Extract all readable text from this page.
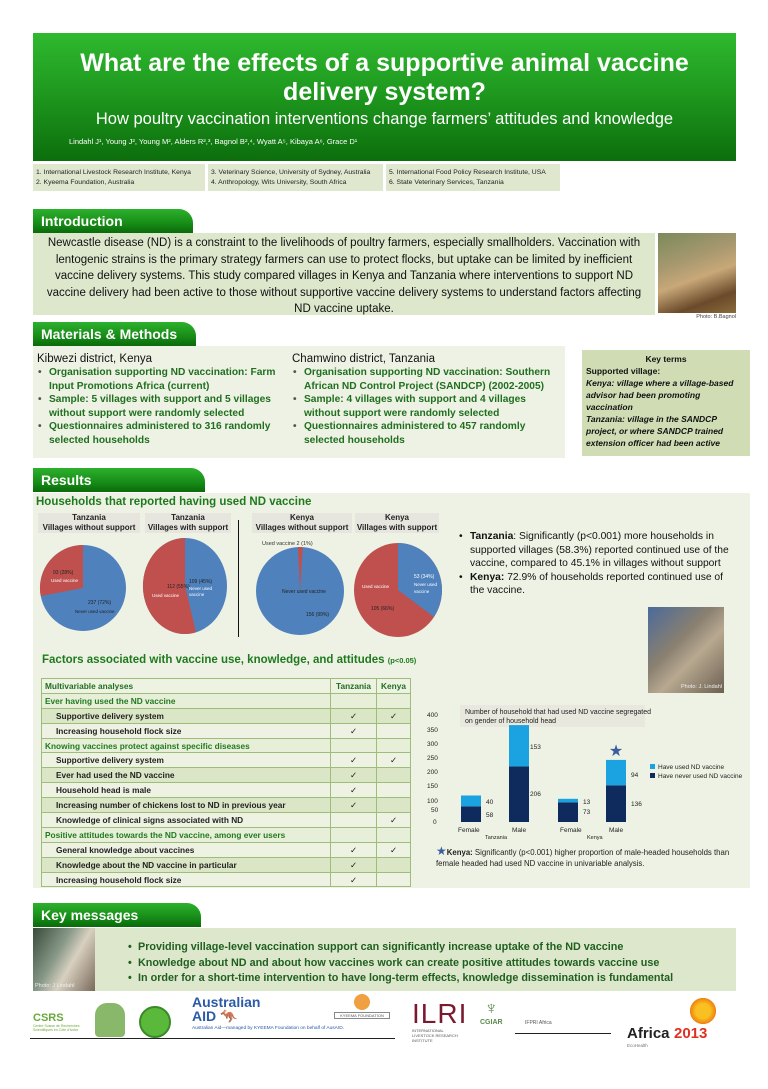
What are the effects of a supportive animal vaccine delivery system?
How poultry vaccination interventions change farmers’ attitudes and knowledge
Lindahl J¹, Young J², Young M², Alders R²,³, Bagnol B²,⁴, Wyatt A⁵, Kibaya A⁶, Grace D¹
1. International Livestock Research Institute, Kenya
2. Kyeema Foundation, Australia
3. Veterinary Science, University of Sydney, Australia
4. Anthropology, Wits University, South Africa
5. International Food Policy Research Institute, USA
6. State Veterinary Services, Tanzania
Introduction
Newcastle disease (ND) is a constraint to the livelihoods of poultry farmers, especially smallholders. Vaccination with lentogenic strains is the primary strategy farmers can use to protect flocks, but uptake can be limited by inefficient vaccine delivery systems. This study compared villages in Kenya and Tanzania where interventions to support ND vaccine delivery had been active to those without supportive vaccine delivery systems to understand factors affecting ND vaccine uptake.
Photo: B.Bagnol
Materials & Methods
Kibwezi district, Kenya
• Organisation supporting ND vaccination: Farm Input Promotions Africa (current)
• Sample: 5 villages with support and 5 villages without support were randomly selected
• Questionnaires administered to 316 randomly selected households
Chamwino district, Tanzania
• Organisation supporting ND vaccination: Southern African ND Control Project (SANDCP) (2002-2005)
• Sample: 4 villages with support and 4 villages without support were randomly selected
• Questionnaires administered to 457 randomly selected households
Key terms
Supported village:
Kenya: village where a village-based advisor had been promoting vaccination
Tanzania: village in the SANDCP project, or where SANDCP trained extension officer had been active
Results
Households that reported having used ND vaccine
Tanzania
Villages without support
Tanzania
Villages with support
Kenya
Villages without support
Kenya
Villages with support
93 (28%)
Used vaccine
237 (72%)
Never used vaccine
112 (55%)
Used vaccine
109 (45%)
Never used
vaccine	Never used vaccine
156 (99%)
Used vaccine 2 (1%)
Used vaccine
105 (66%)
53 (34%)
Never used
vaccine
• Tanzania: Significantly (p<0.001) more households in supported villages (58.3%) reported continued use of the vaccine, compared to 45.1% in villages without support
• Kenya: 72.9% of households reported continued use of the vaccine.
Photo: J. Lindahl
Factors associated with vaccine use, knowledge, and attitudes (p<0.05)
Multivariable analyses	Tanzania	Kenya
Ever having used the ND vaccine		
Supportive delivery system	✓	✓
Increasing household flock size	✓	
Knowing vaccines protect against specific diseases		
Supportive delivery system	✓	✓
Ever had used the ND vaccine	✓	
Household head is male	✓	
Increasing number of chickens lost to ND in previous year	✓	
Knowledge of clinical signs associated with ND		✓
Positive attitudes towards the ND vaccine, among ever users		
General knowledge about vaccines	✓	✓
Knowledge about the ND vaccine in particular	✓	
Increasing household flock size	✓	
Number of household that had used ND vaccine segregated
on gender of household head
400
350
300
250
200
150
100
50
0
40
58
153
206
13
73
94
136
★
Female	Male	Female	Male
Tanzania	Kenya
Have used ND vaccine
Have never used ND vaccine
★Kenya: Significantly (p<0.001) higher proportion of male-headed households than female headed had used ND vaccine in univariable analysis.
Key messages
Photo: J Lindahl
• Providing village-level vaccination support can significantly increase uptake of the ND vaccine
• Knowledge about ND and about how vaccines work can create positive attitudes towards vaccine use
• In order for a short-time intervention to have long-term effects, knowledge dissemination is fundamental
CSRS
Centre Suisse de Recherches Scientifiques en Côte d'Ivoire
Australian
AID 🦘
Australian Aid—managed by KYEEMA Foundation on behalf of AusAID.
KYEEMA FOUNDATION ILRI
INTERNATIONAL LIVESTOCK RESEARCH INSTITUTE
♆
CGIAR	IFPRI Africa
Africa 2013
EcoHealth
